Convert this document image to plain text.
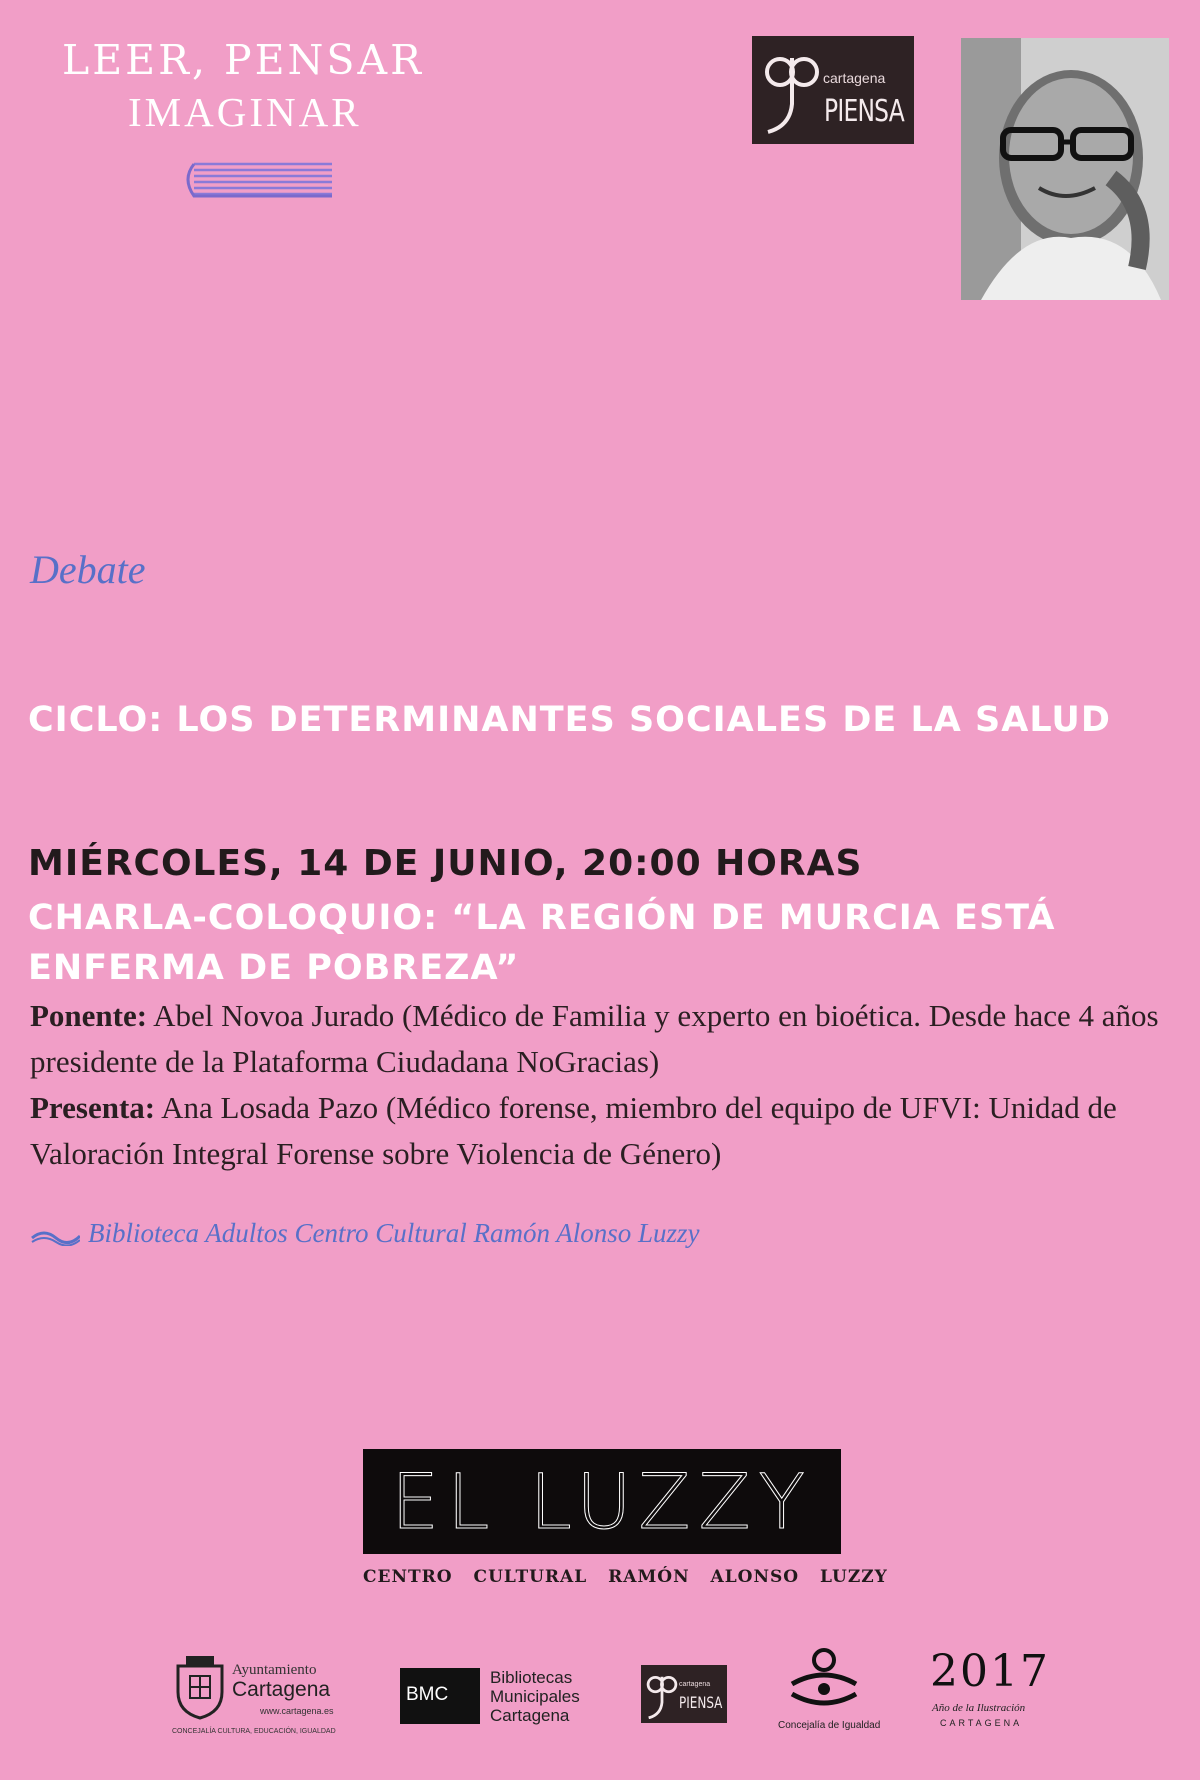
LEER, PENSAR
IMAGINAR
cartagena
PIENSA
Debate
CICLO: LOS DETERMINANTES SOCIALES DE LA SALUD
MIÉRCOLES, 14 DE JUNIO, 20:00 HORAS
CHARLA-COLOQUIO: “LA REGIÓN DE MURCIA ESTÁ ENFERMA DE POBREZA”
Ponente: Abel Novoa Jurado (Médico de Familia y experto en bioética. Desde hace 4 años presidente de la Plataforma Ciudadana NoGracias)
Presenta: Ana Losada Pazo (Médico forense, miembro del equipo de UFVI: Unidad de Valoración Integral Forense sobre Violencia de Género)
Biblioteca Adultos Centro Cultural Ramón Alonso Luzzy
EL LUZZY
CENTRO CULTURAL RAMÓN ALONSO LUZZY
Ayuntamiento
Cartagena
www.cartagena.es
CONCEJALÍA CULTURA, EDUCACIÓN, IGUALDAD
BMC
Bibliotecas
Municipales
Cartagena
cartagena
PIENSA
Concejalía de Igualdad
2017
Año de la Ilustración
CARTAGENA
